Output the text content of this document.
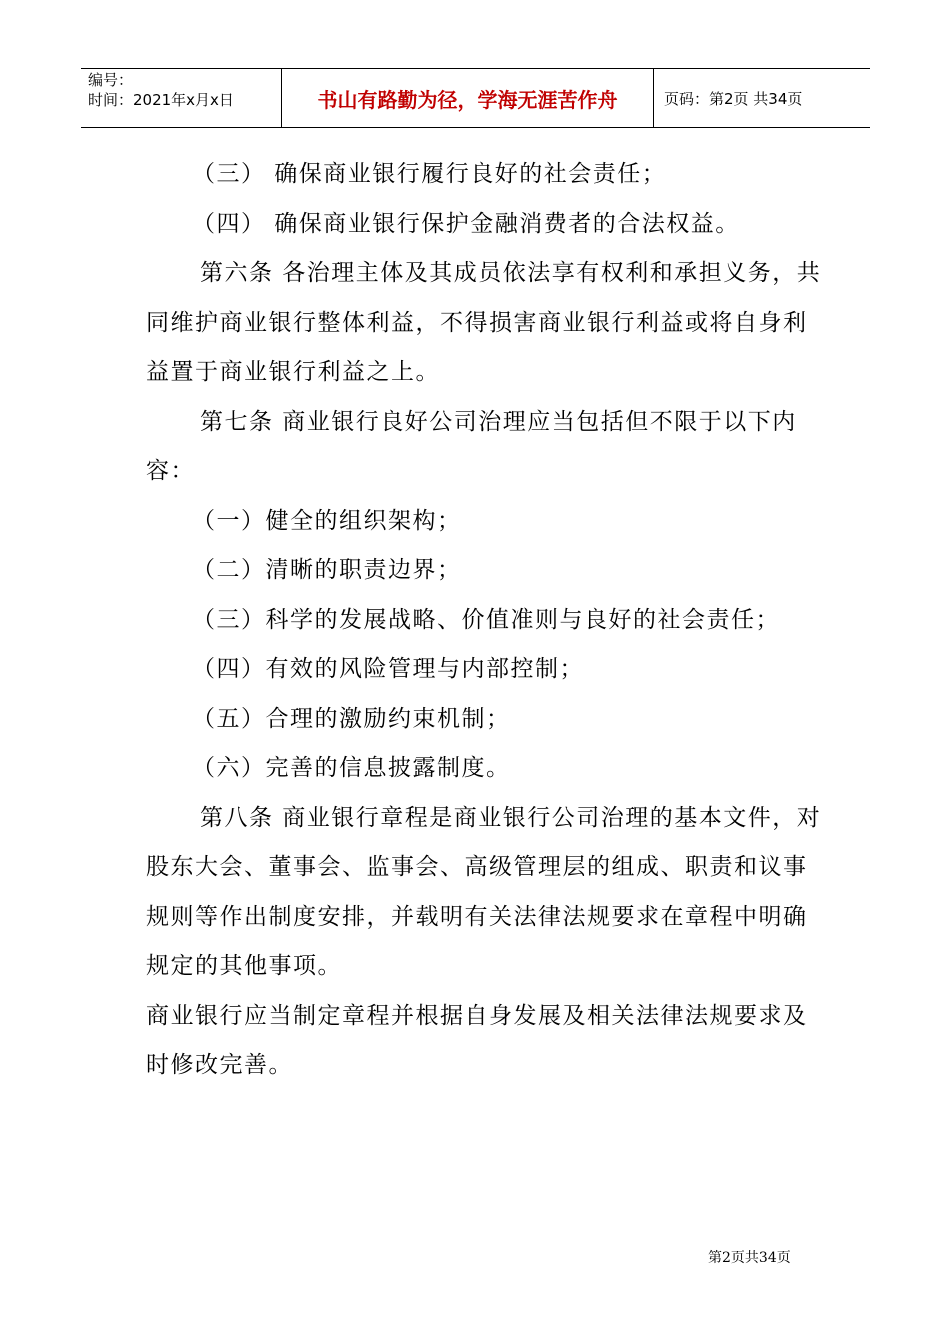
编号：
时间：2021年x月x日	书山有路勤为径，学海无涯苦作舟	页码：第2页 共34页

（三） 确保商业银行履行良好的社会责任；

（四） 确保商业银行保护金融消费者的合法权益。

第六条 各治理主体及其成员依法享有权利和承担义务，共同维护商业银行整体利益，不得损害商业银行利益或将自身利益置于商业银行利益之上。

第七条 商业银行良好公司治理应当包括但不限于以下内容：

（一）健全的组织架构；

（二）清晰的职责边界；

（三）科学的发展战略、价值准则与良好的社会责任；

（四）有效的风险管理与内部控制；

（五）合理的激励约束机制；

（六）完善的信息披露制度。

第八条 商业银行章程是商业银行公司治理的基本文件，对股东大会、董事会、监事会、高级管理层的组成、职责和议事规则等作出制度安排，并载明有关法律法规要求在章程中明确规定的其他事项。

商业银行应当制定章程并根据自身发展及相关法律法规要求及时修改完善。

第2页共34页
